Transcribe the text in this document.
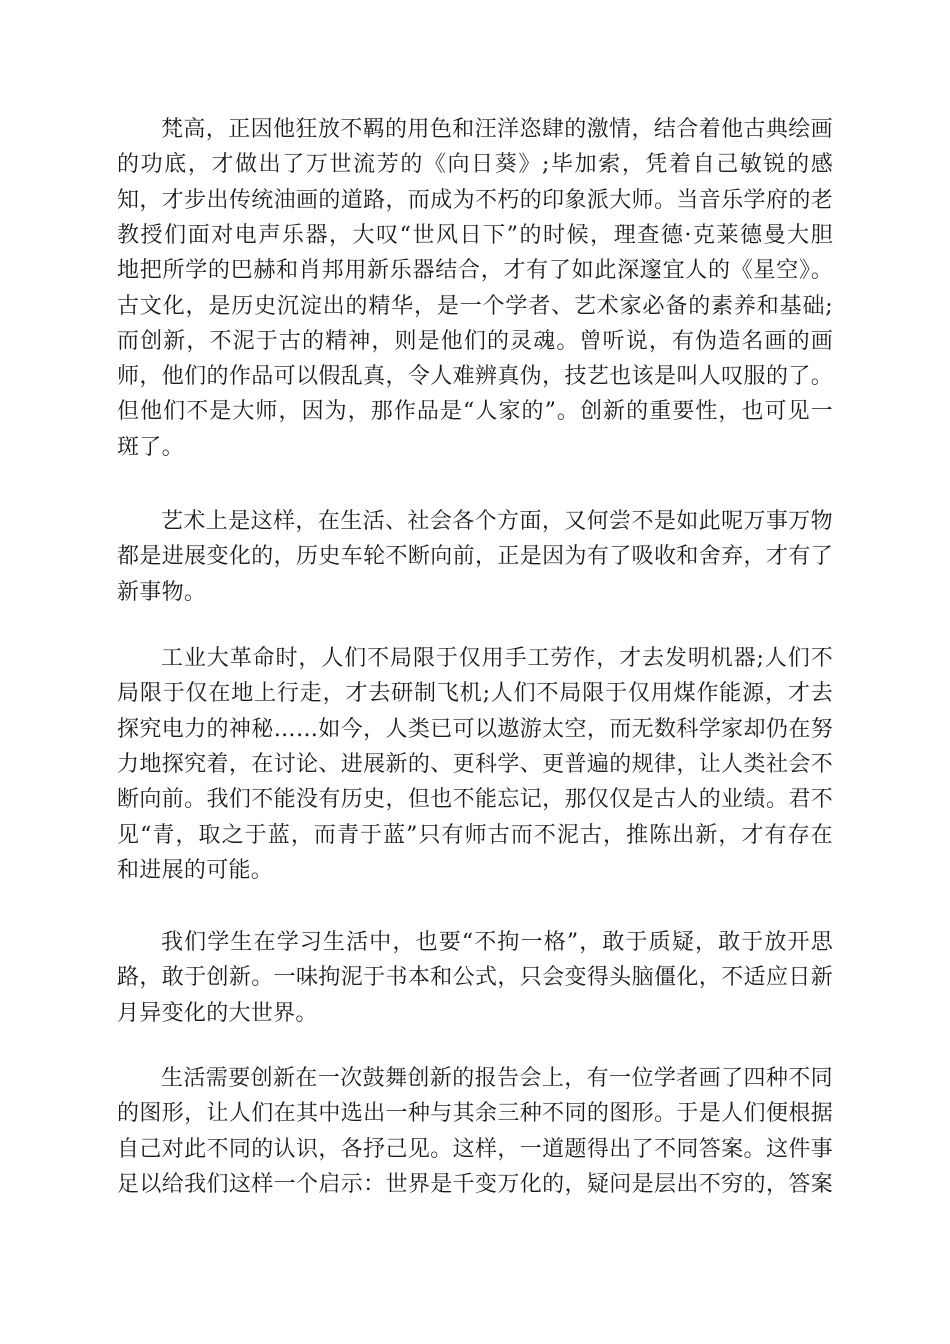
梵高，正因他狂放不羁的用色和汪洋恣肆的激情，结合着他古典绘画
的功底，才做出了万世流芳的《向日葵》;毕加索，凭着自己敏锐的感
知，才步出传统油画的道路，而成为不朽的印象派大师。当音乐学府的老
教授们面对电声乐器，大叹“世风日下”的时候，理查德·克莱德曼大胆
地把所学的巴赫和肖邦用新乐器结合，才有了如此深邃宜人的《星空》。
古文化，是历史沉淀出的精华，是一个学者、艺术家必备的素养和基础;
而创新，不泥于古的精神，则是他们的灵魂。曾听说，有伪造名画的画
师，他们的作品可以假乱真，令人难辨真伪，技艺也该是叫人叹服的了。
但他们不是大师，因为，那作品是“人家的”。创新的重要性，也可见一
斑了。
艺术上是这样，在生活、社会各个方面，又何尝不是如此呢万事万物
都是进展变化的，历史车轮不断向前，正是因为有了吸收和舍弃，才有了
新事物。
工业大革命时，人们不局限于仅用手工劳作，才去发明机器;人们不
局限于仅在地上行走，才去研制飞机;人们不局限于仅用煤作能源，才去
探究电力的神秘……如今，人类已可以遨游太空，而无数科学家却仍在努
力地探究着，在讨论、进展新的、更科学、更普遍的规律，让人类社会不
断向前。我们不能没有历史，但也不能忘记，那仅仅是古人的业绩。君不
见“青，取之于蓝，而青于蓝”只有师古而不泥古，推陈出新，才有存在
和进展的可能。
我们学生在学习生活中，也要“不拘一格”，敢于质疑，敢于放开思
路，敢于创新。一味拘泥于书本和公式，只会变得头脑僵化，不适应日新
月异变化的大世界。
生活需要创新在一次鼓舞创新的报告会上，有一位学者画了四种不同
的图形，让人们在其中选出一种与其余三种不同的图形。于是人们便根据
自己对此不同的认识，各抒己见。这样，一道题得出了不同答案。这件事
足以给我们这样一个启示：世界是千变万化的，疑问是层出不穷的，答案
